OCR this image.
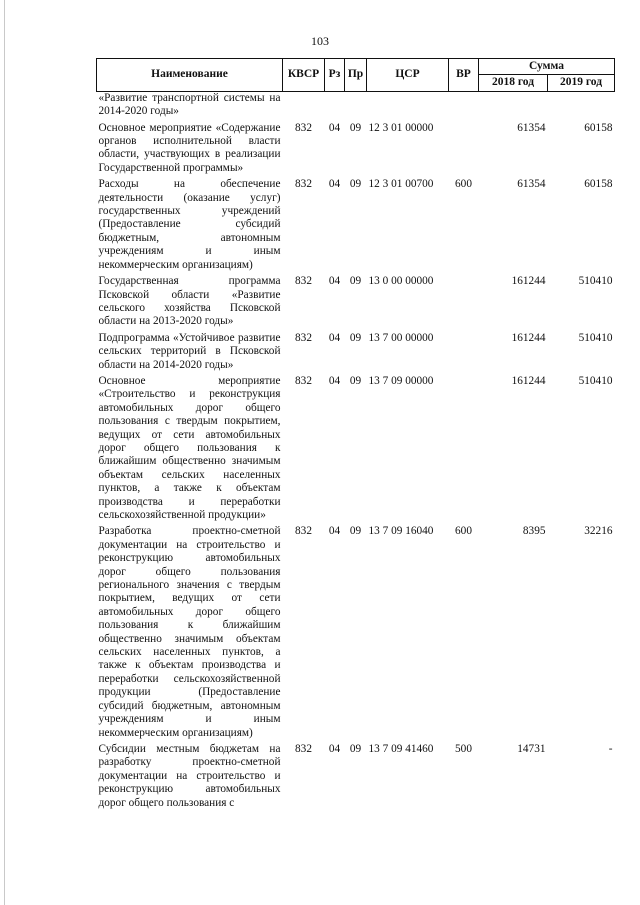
103
Наименование	КВСР	Рз	Пр	ЦСР	ВР	Сумма	
						2018 год	2019 год
«Развитие транспортной системы на 2014-2020 годы»							
Основное мероприятие «Содержание органов исполнительной власти области, участвующих в реализации Государственной программы»	832	04	09	12 3 01 00000		61354	60158
Расходы на обеспечение деятельности (оказание услуг) государственных учреждений (Предоставление субсидий бюджетным, автономным учреждениям и иным некоммерческим организациям)	832	04	09	12 3 01 00700	600	61354	60158
Государственная программа Псковской области «Развитие сельского хозяйства Псковской области на 2013-2020 годы»	832	04	09	13 0 00 00000		161244	510410
Подпрограмма «Устойчивое развитие сельских территорий в Псковской области на 2014-2020 годы»	832	04	09	13 7 00 00000		161244	510410
Основное мероприятие «Строительство и реконструкция автомобильных дорог общего пользования с твердым покрытием, ведущих от сети автомобильных дорог общего пользования к ближайшим общественно значимым объектам сельских населенных пунктов, а также к объектам производства и переработки сельскохозяйственной продукции»	832	04	09	13 7 09 00000		161244	510410
Разработка проектно-сметной документации на строительство и реконструкцию автомобильных дорог общего пользования регионального значения с твердым покрытием, ведущих от сети автомобильных дорог общего пользования к ближайшим общественно значимым объектам сельских населенных пунктов, а также к объектам производства и переработки сельскохозяйственной продукции (Предоставление субсидий бюджетным, автономным учреждениям и иным некоммерческим организациям)	832	04	09	13 7 09 16040	600	8395	32216
Субсидии местным бюджетам на разработку проектно-сметной документации на строительство и реконструкцию автомобильных дорог общего пользования с	832	04	09	13 7 09 41460	500	14731	-
